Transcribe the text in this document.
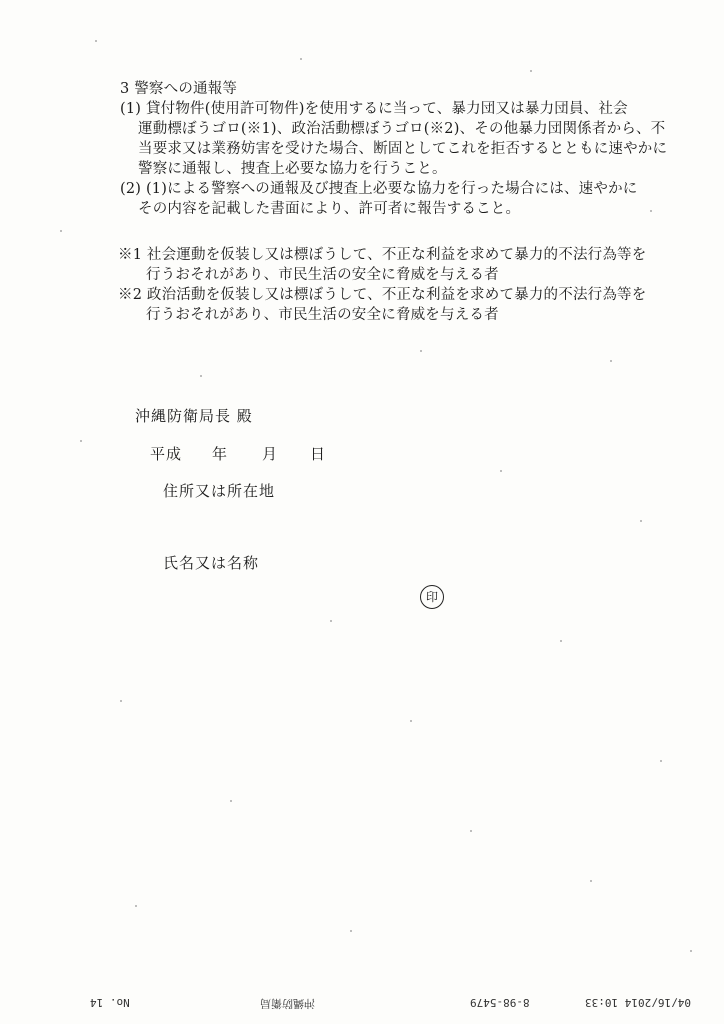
3 警察への通報等
(1) 貸付物件(使用許可物件)を使用するに当って、暴力団又は暴力団員、社会
運動標ぼうゴロ(※1)、政治活動標ぼうゴロ(※2)、その他暴力団関係者から、不
当要求又は業務妨害を受けた場合、断固としてこれを拒否するとともに速やかに
警察に通報し、捜査上必要な協力を行うこと。
(2) (1)による警察への通報及び捜査上必要な協力を行った場合には、速やかに
その内容を記載した書面により、許可者に報告すること。
※1 社会運動を仮装し又は標ぼうして、不正な利益を求めて暴力的不法行為等を
行うおそれがあり、市民生活の安全に脅威を与える者
※2 政治活動を仮装し又は標ぼうして、不正な利益を求めて暴力的不法行為等を
行うおそれがあり、市民生活の安全に脅威を与える者
沖縄防衛局長 殿
平成 年 月 日
住所又は所在地
氏名又は名称
印
No. 14	沖縄防衛局	8-98-5479	04/16/2014 10:33
